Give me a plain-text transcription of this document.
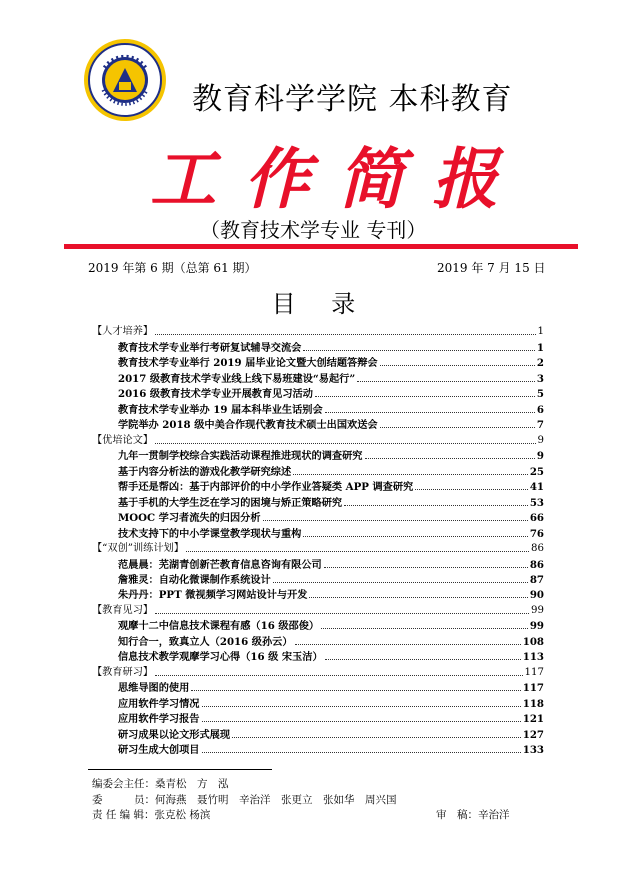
教育科学学院 本科教育
工作简报
（教育技术学专业 专刊）
2019 年第 6 期（总第 61 期）	2019 年 7 月 15 日
目 录
【人才培养】	1
教育技术学专业举行考研复试辅导交流会	1
教育技术学专业举行 2019 届毕业论文暨大创结题答辩会	2
2017 级教育技术学专业线上线下易班建设“易起行”	3
2016 级教育技术学专业开展教育见习活动	5
教育技术学专业举办 19 届本科毕业生话别会	6
学院举办 2018 级中美合作现代教育技术硕士出国欢送会	7
【优培论文】	9
九年一贯制学校综合实践活动课程推进现状的调查研究	9
基于内容分析法的游戏化教学研究综述	25
帮手还是帮凶：基于内部评价的中小学作业答疑类 APP 调查研究	41
基于手机的大学生泛在学习的困境与矫正策略研究	53
MOOC 学习者流失的归因分析	66
技术支持下的中小学课堂教学现状与重构	76
【“双创”训练计划】	86
范晨晨：芜湖青创新芒教育信息咨询有限公司	86
詹雅灵：自动化微课制作系统设计	87
朱丹丹：PPT 微视频学习网站设计与开发	90
【教育见习】	99
观摩十二中信息技术课程有感（16 级邵俊）	99
知行合一，致真立人（2016 级孙云）	108
信息技术教学观摩学习心得（16 级 宋玉洁）	113
【教育研习】	117
思维导图的使用	117
应用软件学习情况	118
应用软件学习报告	121
研习成果以论文形式展现	127
研习生成大创项目	133
编委会主任：桑青松　方　泓
委　　　员：何海燕　聂竹明　辛治洋　张更立　张如华　周兴国
责 任 编 辑：张克松 杨滨	审　稿：辛治洋
